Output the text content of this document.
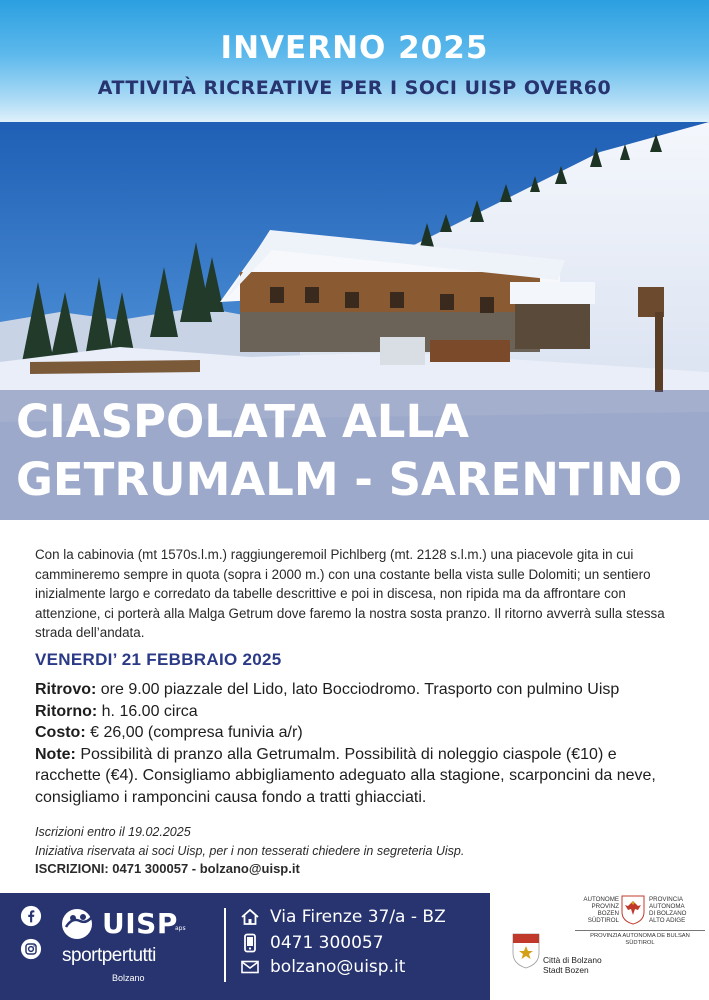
INVERNO 2025
ATTIVITÀ RICREATIVE PER I SOCI UISP OVER60
CIASPOLATA ALLA
GETRUMALM - SARENTINO

Con la cabinovia (mt 1570s.l.m.) raggiungeremoil Pichlberg (mt. 2128 s.l.m.) una piacevole gita in cui cammineremo sempre in quota (sopra i 2000 m.) con una costante bella vista sulle Dolomiti; un sentiero inizialmente largo e corredato da tabelle descrittive e poi in discesa, non ripida ma da affrontare con attenzione, ci porterà alla Malga Getrum dove faremo la nostra sosta pranzo. Il ritorno avverrà sulla stessa strada dell’andata.

VENERDI’ 21 FEBBRAIO 2025
Ritrovo: ore 9.00 piazzale del Lido, lato Bocciodromo. Trasporto con pulmino Uisp
Ritorno: h. 16.00 circa
Costo: € 26,00 (compresa funivia a/r)
Note: Possibilità di pranzo alla Getrumalm. Possibilità di noleggio ciaspole (€10) e racchette (€4). Consigliamo abbigliamento adeguato alla stagione, scarponcini da neve, consigliamo i ramponcini causa fondo a tratti ghiacciati.
Iscrizioni entro il 19.02.2025
Iniziativa riservata ai soci Uisp, per i non tesserati chiedere in segreteria Uisp.
ISCRIZIONI: 0471 300057 - bolzano@uisp.it
UISP
aps
sportpertutti
Bolzano
Via Firenze 37/a - BZ
0471 300057
bolzano@uisp.it
AUTONOME
PROVINZ
BOZEN
SÜDTIROL
PROVINCIA
AUTONOMA
DI BOLZANO
ALTO ADIGE
PROVINZIA AUTONOMA DE BULSAN
SÜDTIROL
Città di Bolzano
Stadt Bozen
